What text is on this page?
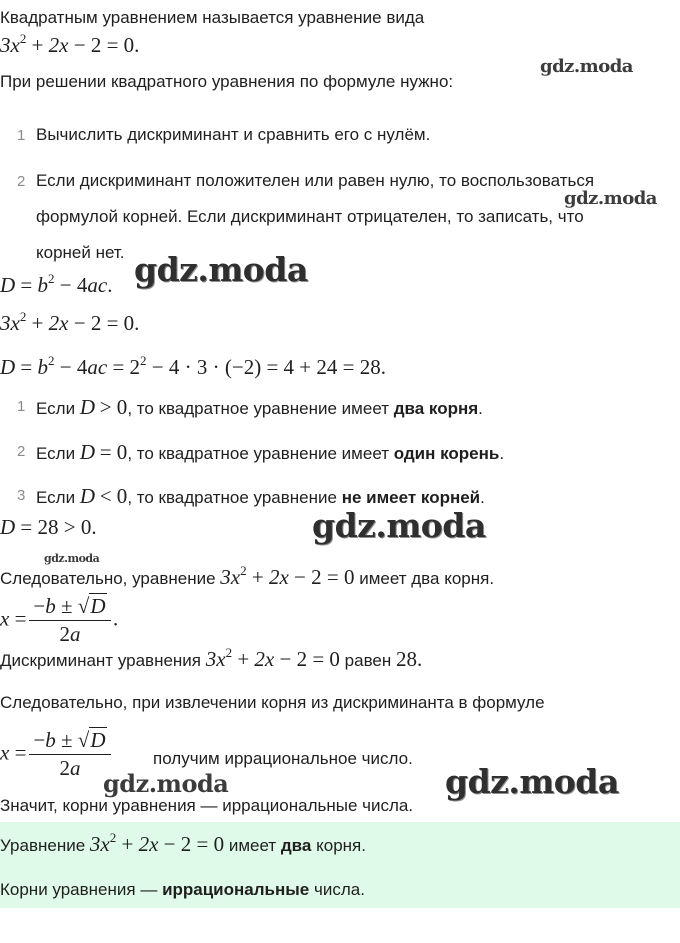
Квадратным уравнением называется уравнение вида
$3x^2 + 2x - 2 = 0$.
При решении квадратного уравнения по формуле нужно:
1 Вычислить дискриминант и сравнить его с нулём.
2 Если дискриминант положителен или равен нулю, то воспользоваться
формулой корней. Если дискриминант отрицателен, то записать, что
корней нет.
$D = b^2 - 4ac$.
$3x^2 + 2x - 2 = 0$.
$D = b^2 - 4ac = 2^2 - 4 \cdot 3 \cdot (-2) = 4 + 24 = 28$.
1 Если D > 0, то квадратное уравнение имеет два корня.
2 Если D = 0, то квадратное уравнение имеет один корень.
3 Если D < 0, то квадратное уравнение не имеет корней.
D = 28 > 0.
Следовательно, уравнение $3x^2 + 2x - 2 = 0$ имеет два корня.
$x = \frac{-b \pm √D}{2a}$ .
Дискриминант уравнения $3x^2 + 2x - 2 = 0$ равен 28.
Следовательно, при извлечении корня из дискриминанта в формуле
$x = \frac{-b \pm √D}{2a}$	получим иррациональное число.
Значит, корни уравнения — иррациональные числа.
Уравнение $3x^2 + 2x - 2 = 0$ имеет два корня.
Корни уравнения — иррациональные числа.
gdz.moda
gdz.moda
gdz.moda
gdz.moda
gdz.moda
gdz.moda	gdz.moda
